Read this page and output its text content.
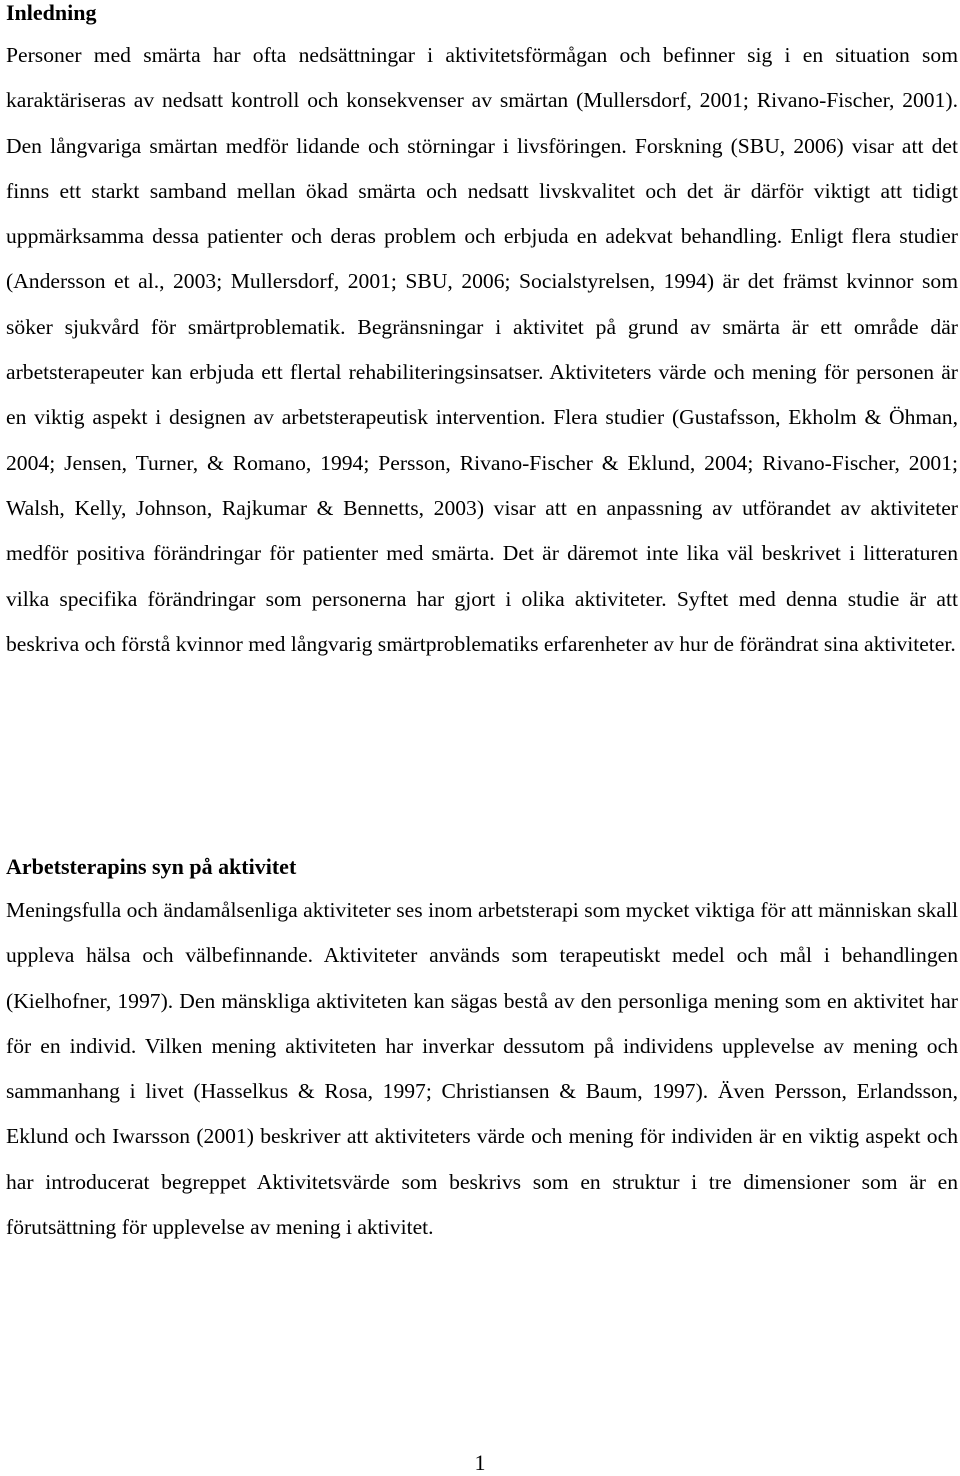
Inledning

Personer med smärta har ofta nedsättningar i aktivitetsförmågan och befinner sig i en situation som karaktäriseras av nedsatt kontroll och konsekvenser av smärtan (Mullersdorf, 2001; Rivano-Fischer, 2001). Den långvariga smärtan medför lidande och störningar i livsföringen. Forskning (SBU, 2006) visar att det finns ett starkt samband mellan ökad smärta och nedsatt livskvalitet och det är därför viktigt att tidigt uppmärksamma dessa patienter och deras problem och erbjuda en adekvat behandling. Enligt flera studier (Andersson et al., 2003; Mullersdorf, 2001; SBU, 2006; Socialstyrelsen, 1994) är det främst kvinnor som söker sjukvård för smärtproblematik. Begränsningar i aktivitet på grund av smärta är ett område där arbetsterapeuter kan erbjuda ett flertal rehabiliteringsinsatser. Aktiviteters värde och mening för personen är en viktig aspekt i designen av arbetsterapeutisk intervention. Flera studier (Gustafsson, Ekholm & Öhman, 2004; Jensen, Turner, & Romano, 1994; Persson, Rivano-Fischer & Eklund, 2004; Rivano-Fischer, 2001; Walsh, Kelly, Johnson, Rajkumar & Bennetts, 2003) visar att en anpassning av utförandet av aktiviteter medför positiva förändringar för patienter med smärta. Det är däremot inte lika väl beskrivet i litteraturen vilka specifika förändringar som personerna har gjort i olika aktiviteter. Syftet med denna studie är att beskriva och förstå kvinnor med långvarig smärtproblematiks erfarenheter av hur de förändrat sina aktiviteter.

Arbetsterapins syn på aktivitet

Meningsfulla och ändamålsenliga aktiviteter ses inom arbetsterapi som mycket viktiga för att människan skall uppleva hälsa och välbefinnande. Aktiviteter används som terapeutiskt medel och mål i behandlingen (Kielhofner, 1997). Den mänskliga aktiviteten kan sägas bestå av den personliga mening som en aktivitet har för en individ. Vilken mening aktiviteten har inverkar dessutom på individens upplevelse av mening och sammanhang i livet (Hasselkus & Rosa, 1997; Christiansen & Baum, 1997). Även Persson, Erlandsson, Eklund och Iwarsson (2001) beskriver att aktiviteters värde och mening för individen är en viktig aspekt och har introducerat begreppet Aktivitetsvärde som beskrivs som en struktur i tre dimensioner som är en förutsättning för upplevelse av mening i aktivitet.

1
